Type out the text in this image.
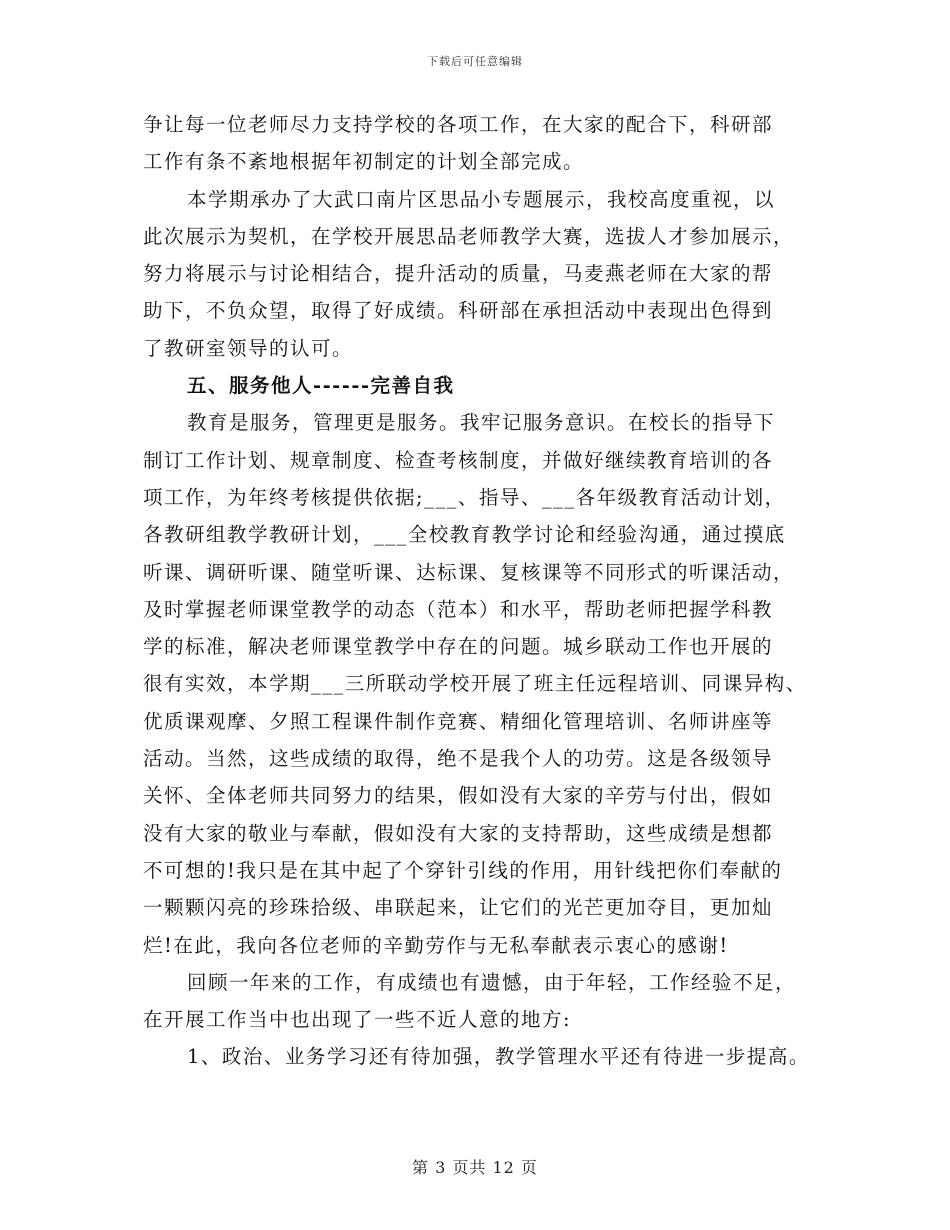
下载后可任意编辑
争让每一位老师尽力支持学校的各项工作，在大家的配合下，科研部
工作有条不紊地根据年初制定的计划全部完成。
本学期承办了大武口南片区思品小专题展示，我校高度重视，以
此次展示为契机，在学校开展思品老师教学大赛，选拔人才参加展示，
努力将展示与讨论相结合，提升活动的质量，马麦燕老师在大家的帮
助下，不负众望，取得了好成绩。科研部在承担活动中表现出色得到
了教研室领导的认可。
五、服务他人------完善自我
教育是服务，管理更是服务。我牢记服务意识。在校长的指导下
制订工作计划、规章制度、检查考核制度，并做好继续教育培训的各
项工作，为年终考核提供依据;___、指导、___各年级教育活动计划，
各教研组教学教研计划，___全校教育教学讨论和经验沟通，通过摸底
听课、调研听课、随堂听课、达标课、复核课等不同形式的听课活动，
及时掌握老师课堂教学的动态（范本）和水平，帮助老师把握学科教
学的标准，解决老师课堂教学中存在的问题。城乡联动工作也开展的
很有实效，本学期___三所联动学校开展了班主任远程培训、同课异构、
优质课观摩、夕照工程课件制作竞赛、精细化管理培训、名师讲座等
活动。当然，这些成绩的取得，绝不是我个人的功劳。这是各级领导
关怀、全体老师共同努力的结果，假如没有大家的辛劳与付出，假如
没有大家的敬业与奉献，假如没有大家的支持帮助，这些成绩是想都
不可想的!我只是在其中起了个穿针引线的作用，用针线把你们奉献的
一颗颗闪亮的珍珠拾级、串联起来，让它们的光芒更加夺目，更加灿
烂!在此，我向各位老师的辛勤劳作与无私奉献表示衷心的感谢!
回顾一年来的工作，有成绩也有遗憾，由于年轻，工作经验不足，
在开展工作当中也出现了一些不近人意的地方:
1、政治、业务学习还有待加强，教学管理水平还有待进一步提高。
第 3 页共 12 页
